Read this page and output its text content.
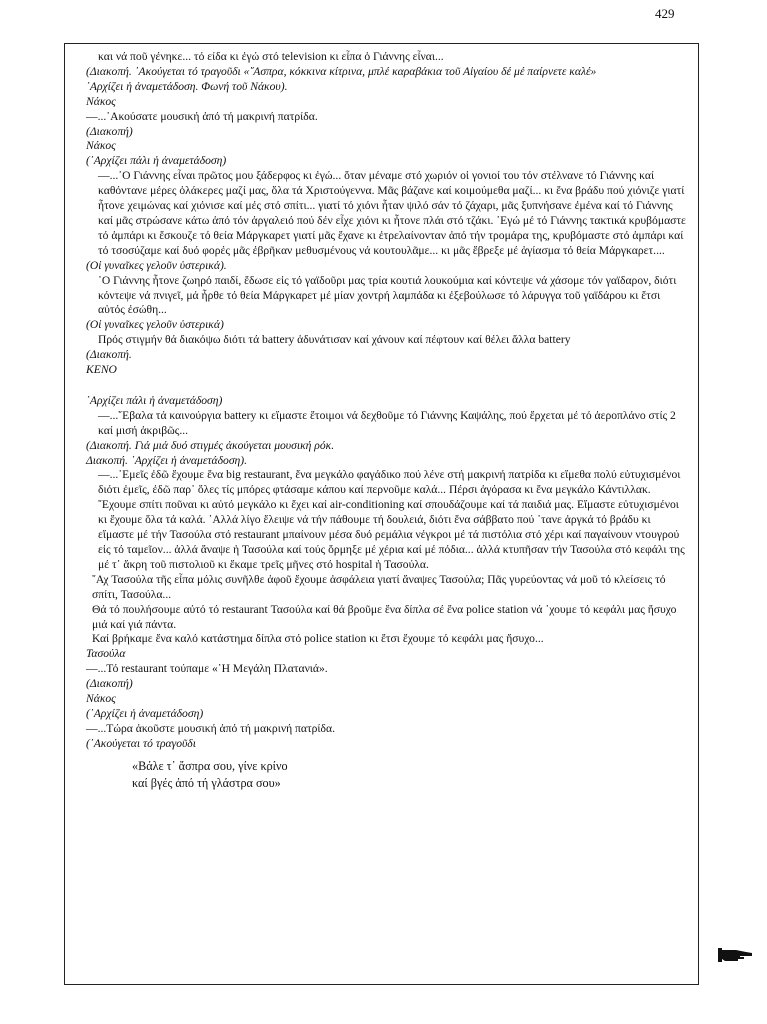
429

και νά ποῦ γένηκε... τό είδα κι ἐγώ στό television κι εἶπα ὁ Γιάννης εἶναι...

(Διακοπή. ᾿Ακούγεται τό τραγοῦδι «῎Ασπρα, κόκκινα κίτρινα, μπλέ καραβάκια τοῦ Αἰγαίου δέ μέ παίρνετε καλέ»

᾿Αρχίζει ἡ ἀναμετάδοση. Φωνή τοῦ Νάκου).

Νάκος

—...᾿Ακούσατε μουσική ἀπό τή μακρινή πατρίδα.

(Διακοπή)

Νάκος

(᾿Αρχίζει πάλι ἡ ἀναμετάδοση)

—...᾿Ο Γιάννης εἶναι πρῶτος μου ξάδερφος κι ἐγώ... ὅταν μέναμε στό χωριόν οἱ γονιοί του τόν στέλνανε τό Γιάννης καί καθόντανε μέρες ὁλάκερες μαζί μας, ὅλα τά Χριστούγεννα. Μᾶς βάζανε καί κοιμούμεθα μαζί... κι ἕνα βράδυ πού χιόνιζε γιατί ἦτονε χειμώνας καί χιόνισε καί μές στό σπίτι... γιατί τό χιόνι ἦταν ψιλό σάν τό ζάχαρι, μᾶς ξυπνήσανε ἐμένα καί τό Γιάννης καί μᾶς στρώσανε κάτω ἀπό τόν ἀργαλειό πού δέν εἶχε χιόνι κι ἦτονε πλάι στό τζάκι. ᾿Εγώ μέ τό Γιάννης τακτικά κρυβόμαστε τό ἀμπάρι κι ἔσκουζε τό θεία Μάργκαρετ γιατί μᾶς ἔχανε κι ἐτρελαίνονταν ἀπό τήν τρομάρα της, κρυβόμαστε στό ἀμπάρι καί τό τσοσύζαμε καί δυό φορές μᾶς ἐβρῆκαν μεθυσμένους νά κουτουλᾶμε... κι μᾶς ἔβρεξε μέ ἁγίασμα τό θεία Μάργκαρετ....

(Οἱ γυναῖκες γελοῦν ὑστερικά).

᾿Ο Γιάννης ἦτονε ζωηρό παιδί, ἔδωσε εἰς τό γαϊδοῦρι μας τρία κουτιά λουκούμια καί κόντεψε νά χάσομε τόν γαϊδαρον, διότι κόντεψε νά πνιγεῖ, μά ἦρθε τό θεία Μάργκαρετ μέ μίαν χοντρή λαμπάδα κι ἐξεβούλωσε τό λάρυγγα τοῦ γαϊδάρου κι ἔτσι αὐτός ἐσώθη...

(Οἱ γυναῖκες γελοῦν ὑστερικά)

Πρός στιγμήν θά διακόψω διότι τά battery ἀδυνάτισαν καί χάνουν καί πέφτουν καί θέλει ἄλλα battery

(Διακοπή.

ΚΕΝΟ

᾿Αρχίζει πάλι ἡ ἀναμετάδοση)

—...῎Εβαλα τά καινούργια battery κι εἴμαστε ἕτοιμοι νά δεχθοῦμε τό Γιάννης Καψάλης, πού ἔρχεται μέ τό ἀεροπλάνο στίς 2 καί μισή ἀκριβῶς...

(Διακοπή. Γιά μιά δυό στιγμές ἀκούγεται μουσική ρόκ.

Διακοπή. ᾿Αρχίζει ἡ ἀναμετάδοση).

—...᾿Εμεῖς ἐδῶ ἔχουμε ἕνα big restaurant, ἕνα μεγκάλο φαγάδικο πού λένε στή μακρινή πατρίδα κι εἴμεθα πολύ εὐτυχισμένοι διότι ἐμεῖς, ἐδῶ παρ᾿ ὅλες τίς μπόρες φτάσαμε κάπου καί περνοῦμε καλά... Πέρσι ἀγόρασα κι ἕνα μεγκάλο Κάντιλλακ. ῎Εχουμε σπίτι ποῦναι κι αὐτό μεγκάλο κι ἔχει καί air-conditioning καί σπουδάζουμε καί τά παιδιά μας. Εἴμαστε εὐτυχισμένοι κι ἔχουμε ὅλα τά καλά. ᾿Αλλά λίγο ἔλειψε νά τήν πάθουμε τή δουλειά, διότι ἕνα σάββατο πού ᾿τανε ἀργκά τό βράδυ κι εἴμαστε μέ τήν Τασούλα στό restaurant μπαίνουν μέσα δυό ρεμάλια νέγκροι μέ τά πιστόλια στό χέρι καί παγαίνουν ντουγρού εἰς τό ταμεῖον... ἀλλά ἄναψε ἡ Τασούλα καί τούς ὅρμηξε μέ χέρια καί μέ πόδια... ἀλλά κτυπῆσαν τήν Τασούλα στό κεφάλι της μέ τ᾿ ἄκρη τοῦ πιστολιοῦ κι ἔκαμε τρεῖς μῆνες στό hospital ἡ Τασούλα.

῎Αχ Τασούλα τῆς εἶπα μόλις συνῆλθε ἀφοῦ ἔχουμε ἀσφάλεια γιατί ἄναψες Τασούλα; Πᾶς γυρεύοντας νά μοῦ τό κλείσεις τό σπίτι, Τασούλα...

Θά τό πουλήσουμε αὐτό τό restaurant Τασούλα καί θά βροῦμε ἕνα δίπλα σέ ἕνα police station νά ᾿χουμε τό κεφάλι μας ἥσυχο μιά καί γιά πάντα.

Καί βρήκαμε ἕνα καλό κατάστημα δίπλα στό police station κι ἔτσι ἔχουμε τό κεφάλι μας ἥσυχο...

Τασούλα

—...Τό restaurant τούπαμε «῾Η Μεγάλη Πλατανιά».

(Διακοπή)

Νάκος

(᾿Αρχίζει ἡ ἀναμετάδοση)

—...Τώρα ἀκοῦστε μουσική ἀπό τή μακρινή πατρίδα.

(᾿Ακούγεται τό τραγοῦδι

«Βάλε τ᾿ ἄσπρα σου, γίνε κρίνο

καί βγές ἀπό τή γλάστρα σου»
